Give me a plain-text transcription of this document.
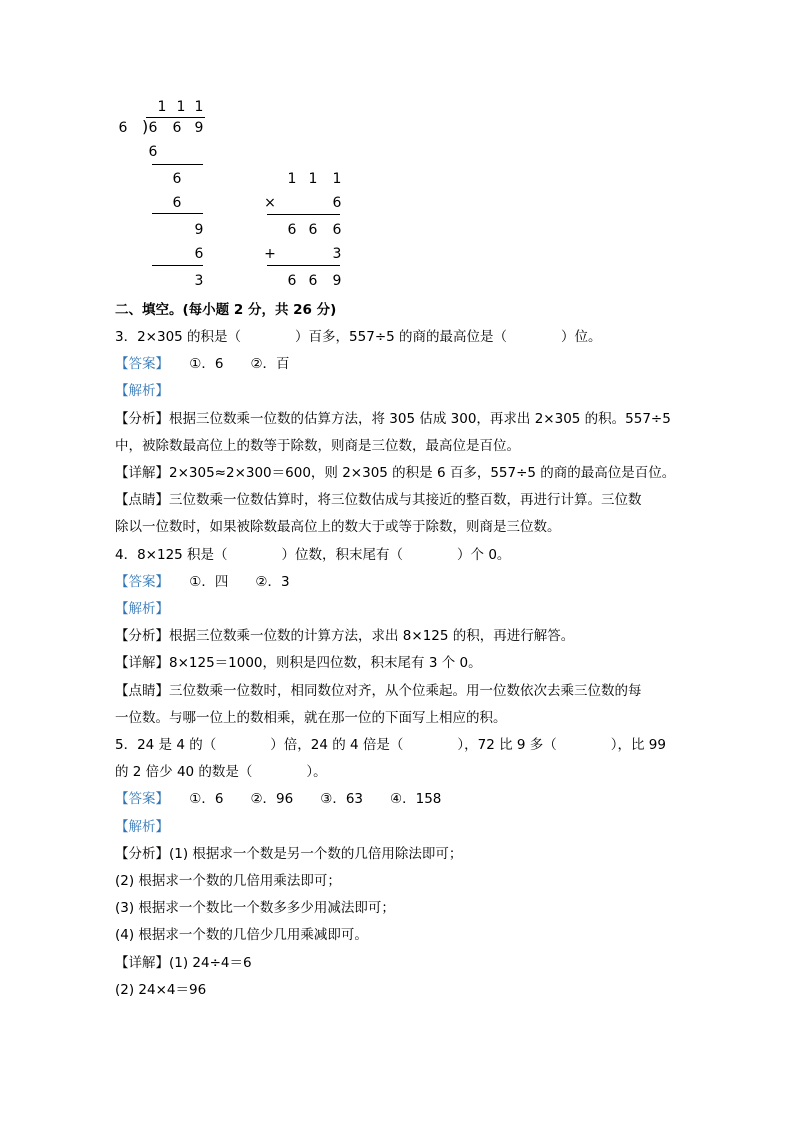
1 1 1
6 ) 6 6 9
6
6
6
9
6
3
1 1 1
×	6
6 6 6
+	3
6 6 9
二、填空。(每小题 2 分，共 26 分)
3．2×305 的积是（　　　　）百多，557÷5 的商的最高位是（　　　　）位。
【答案】　　①．6　　②．百
【解析】
【分析】根据三位数乘一位数的估算方法，将 305 估成 300，再求出 2×305 的积。557÷5
中，被除数最高位上的数等于除数，则商是三位数，最高位是百位。
【详解】2×305≈2×300＝600，则 2×305 的积是 6 百多，557÷5 的商的最高位是百位。
【点睛】三位数乘一位数估算时，将三位数估成与其接近的整百数，再进行计算。三位数
除以一位数时，如果被除数最高位上的数大于或等于除数，则商是三位数。
4．8×125 积是（　　　　）位数，积末尾有（　　　　）个 0。
【答案】　　①．四　　②．3
【解析】
【分析】根据三位数乘一位数的计算方法，求出 8×125 的积，再进行解答。
【详解】8×125＝1000，则积是四位数，积末尾有 3 个 0。
【点睛】三位数乘一位数时，相同数位对齐，从个位乘起。用一位数依次去乘三位数的每
一位数。与哪一位上的数相乘，就在那一位的下面写上相应的积。
5．24 是 4 的（　　　　）倍，24 的 4 倍是（　　　　），72 比 9 多（　　　　），比 99
的 2 倍少 40 的数是（　　　　）。
【答案】　　①．6　　②．96　　③．63　　④．158
【解析】
【分析】(1) 根据求一个数是另一个数的几倍用除法即可；
(2) 根据求一个数的几倍用乘法即可；
(3) 根据求一个数比一个数多多少用减法即可；
(4) 根据求一个数的几倍少几用乘减即可。
【详解】(1) 24÷4＝6
(2) 24×4＝96
